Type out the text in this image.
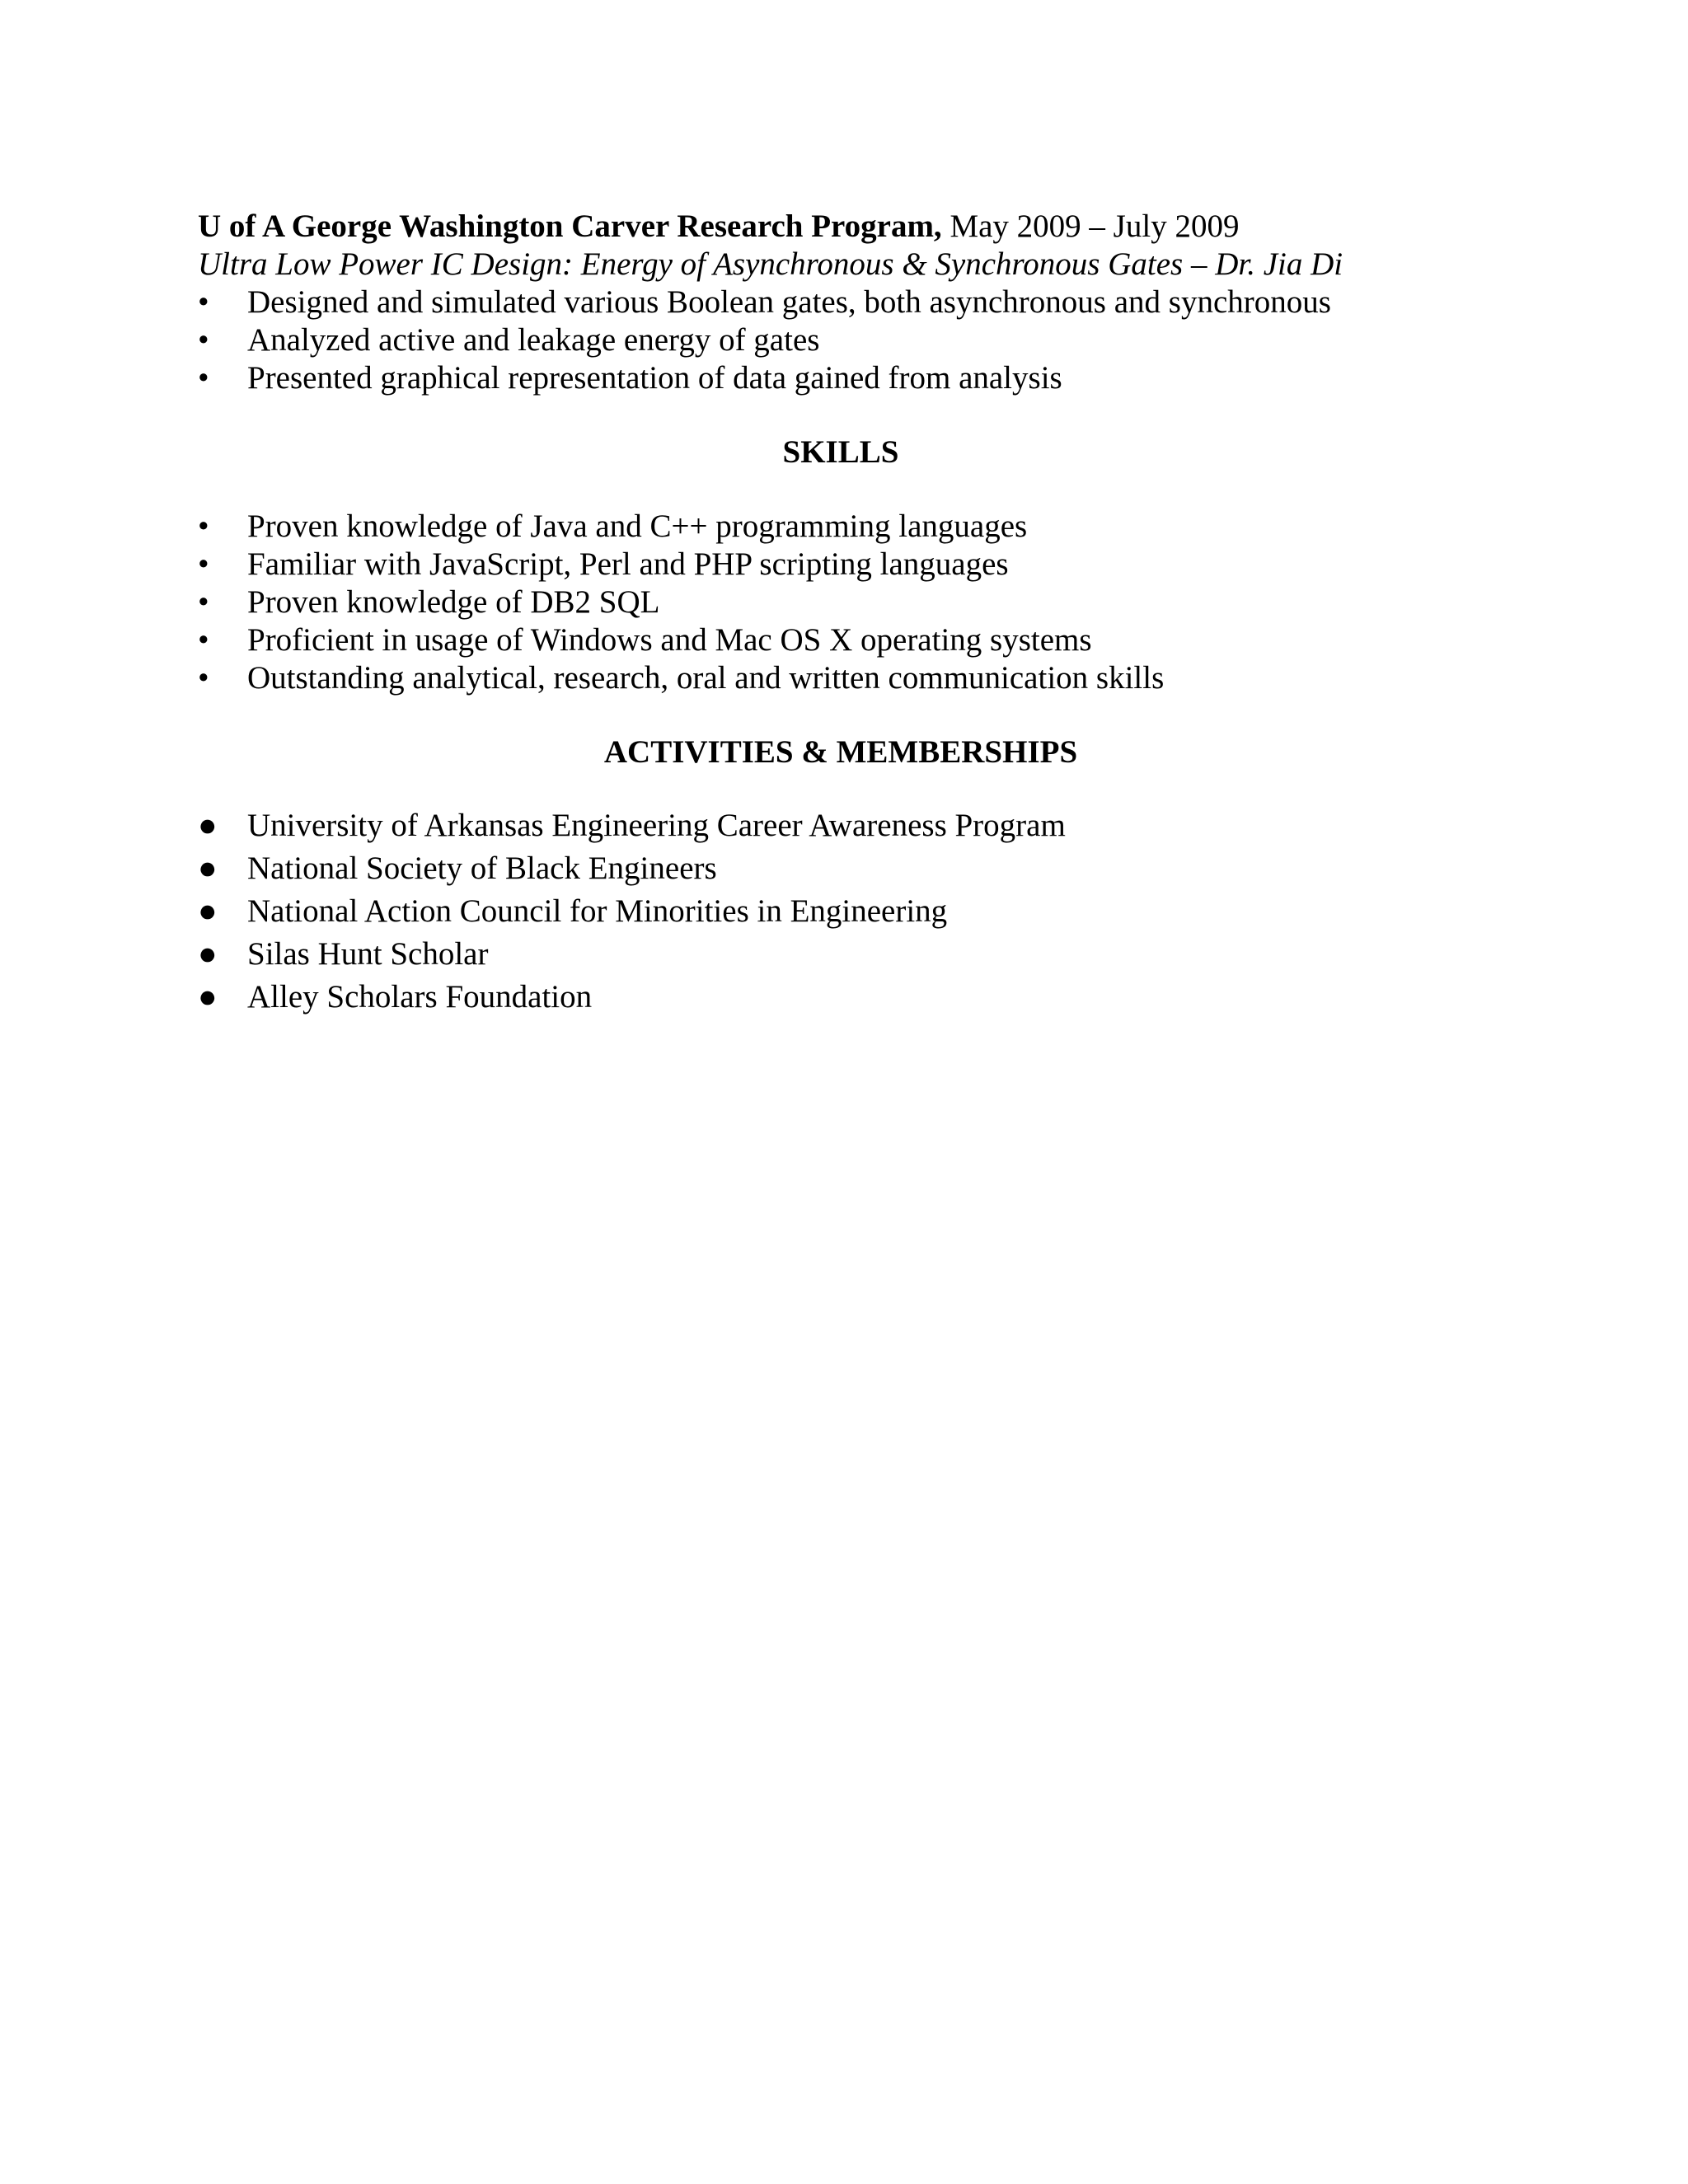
U of A George Washington Carver Research Program, May 2009 – July 2009
Ultra Low Power IC Design: Energy of Asynchronous & Synchronous Gates – Dr. Jia Di
•	Designed and simulated various Boolean gates, both asynchronous and synchronous
•	Analyzed active and leakage energy of gates
•	Presented graphical representation of data gained from analysis
SKILLS
•	Proven knowledge of Java and C++ programming languages
•	Familiar with JavaScript, Perl and PHP scripting languages
•	Proven knowledge of DB2 SQL
•	Proficient in usage of Windows and Mac OS X operating systems
•	Outstanding analytical, research, oral and written communication skills
ACTIVITIES & MEMBERSHIPS
● University of Arkansas Engineering Career Awareness Program
● National Society of Black Engineers
● National Action Council for Minorities in Engineering
● Silas Hunt Scholar
● Alley Scholars Foundation
